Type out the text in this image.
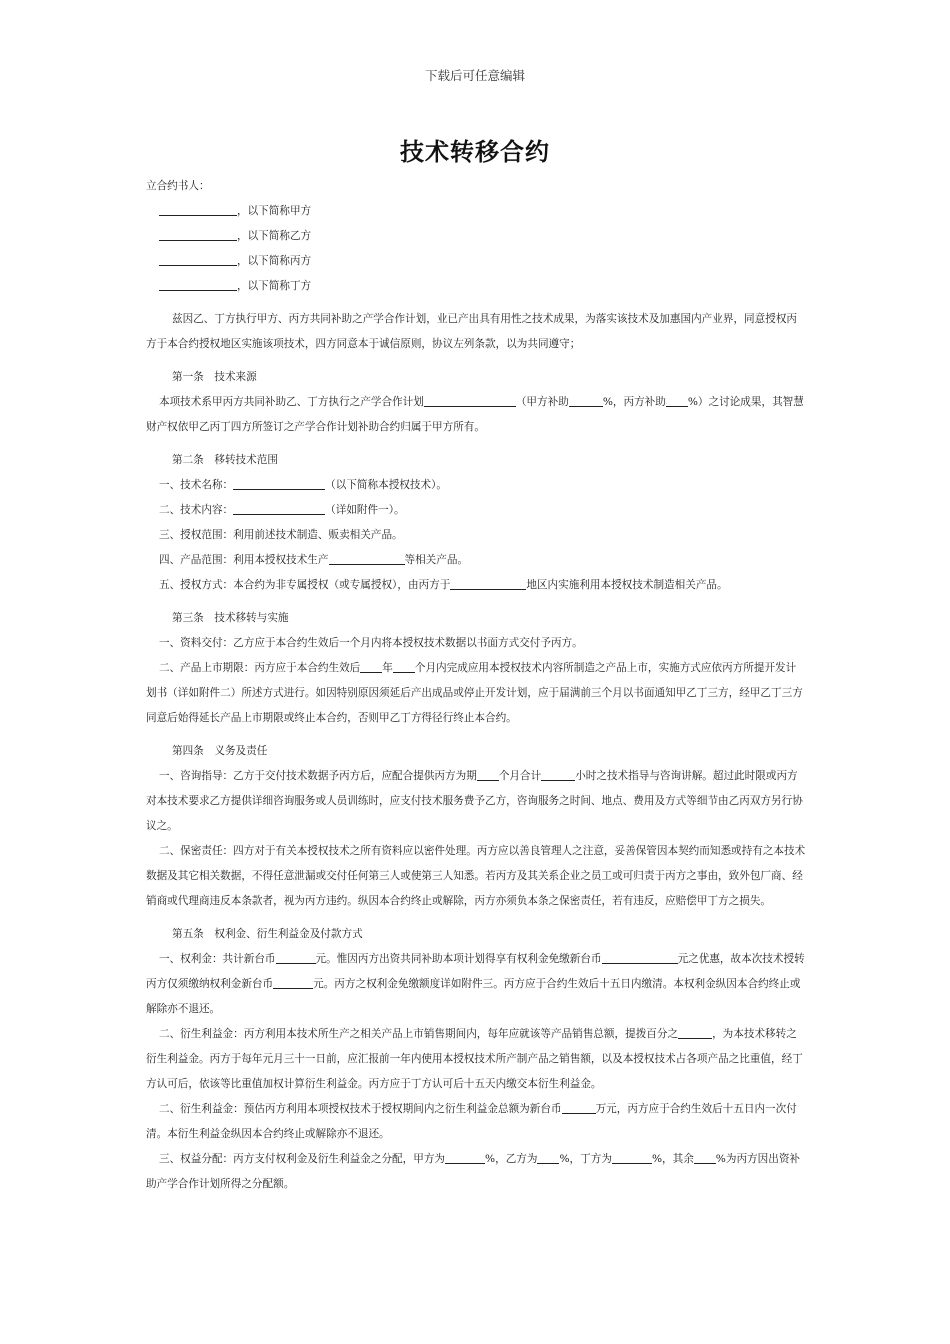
下载后可任意编辑
技术转移合约

立合约书人：

，以下简称甲方

，以下简称乙方

，以下简称丙方

，以下简称丁方

兹因乙、丁方执行甲方、丙方共同补助之产学合作计划，业已产出具有用性之技术成果，为落实该技术及加惠国内产业界，同意授权丙方于本合约授权地区实施该项技术，四方同意本于诚信原则，协议左列条款，以为共同遵守；

第一条　技术来源

本项技术系甲丙方共同补助乙、丁方执行之产学合作计划	（甲方补助	%，丙方补助 %）之讨论成果，其智慧财产权依甲乙丙丁四方所签订之产学合作计划补助合约归属于甲方所有。

第二条　移转技术范围

一、技术名称：	（以下简称本授权技术）。

二、技术内容：	（详如附件一）。

三、授权范围：利用前述技术制造、贩卖相关产品。

四、产品范围：利用本授权技术生产	等相关产品。

五、授权方式：本合约为非专属授权（或专属授权），由丙方于	地区内实施利用本授权技术制造相关产品。

第三条　技术移转与实施

一、资料交付：乙方应于本合约生效后一个月内将本授权技术数据以书面方式交付予丙方。

二、产品上市期限：丙方应于本合约生效后 年 个月内完成应用本授权技术内容所制造之产品上市，实施方式应依丙方所提开发计划书（详如附件二）所述方式进行。如因特别原因须延后产出成品或停止开发计划，应于届满前三个月以书面通知甲乙丁三方，经甲乙丁三方同意后始得延长产品上市期限或终止本合约，否则甲乙丁方得径行终止本合约。

第四条　义务及责任

一、咨询指导：乙方于交付技术数据予丙方后，应配合提供丙方为期 个月合计	小时之技术指导与咨询讲解。超过此时限或丙方对本技术要求乙方提供详细咨询服务或人员训练时，应支付技术服务费予乙方，咨询服务之时间、地点、费用及方式等细节由乙丙双方另行协议之。

二、保密责任：四方对于有关本授权技术之所有资料应以密件处理。丙方应以善良管理人之注意，妥善保管因本契约而知悉或持有之本技术数据及其它相关数据，不得任意泄漏或交付任何第三人或使第三人知悉。若丙方及其关系企业之员工或可归责于丙方之事由，致外包厂商、经销商或代理商违反本条款者，视为丙方违约。纵因本合约终止或解除，丙方亦须负本条之保密责任，若有违反，应赔偿甲丁方之损失。

第五条　权利金、衍生利益金及付款方式

一、权利金：共计新台币	元。惟因丙方出资共同补助本项计划得享有权利金免缴新台币	元之优惠，故本次技术授转丙方仅须缴纳权利金新台币	元。丙方之权利金免缴额度详如附件三。丙方应于合约生效后十五日内缴清。本权利金纵因本合约终止或解除亦不退还。

二、衍生利益金：丙方利用本技术所生产之相关产品上市销售期间内，每年应就该等产品销售总额，提拨百分之	，为本技术移转之衍生利益金。丙方于每年元月三十一日前，应汇报前一年内使用本授权技术所产制产品之销售额，以及本授权技术占各项产品之比重值，经丁方认可后，依该等比重值加权计算衍生利益金。丙方应于丁方认可后十五天内缴交本衍生利益金。

二、衍生利益金：预估丙方利用本项授权技术于授权期间内之衍生利益金总额为新台币	万元，丙方应于合约生效后十五日内一次付清。本衍生利益金纵因本合约终止或解除亦不退还。

三、权益分配：丙方支付权利金及衍生利益金之分配，甲方为	%，乙方为 %，丁方为	%，其余 %为丙方因出资补助产学合作计划所得之分配额。
